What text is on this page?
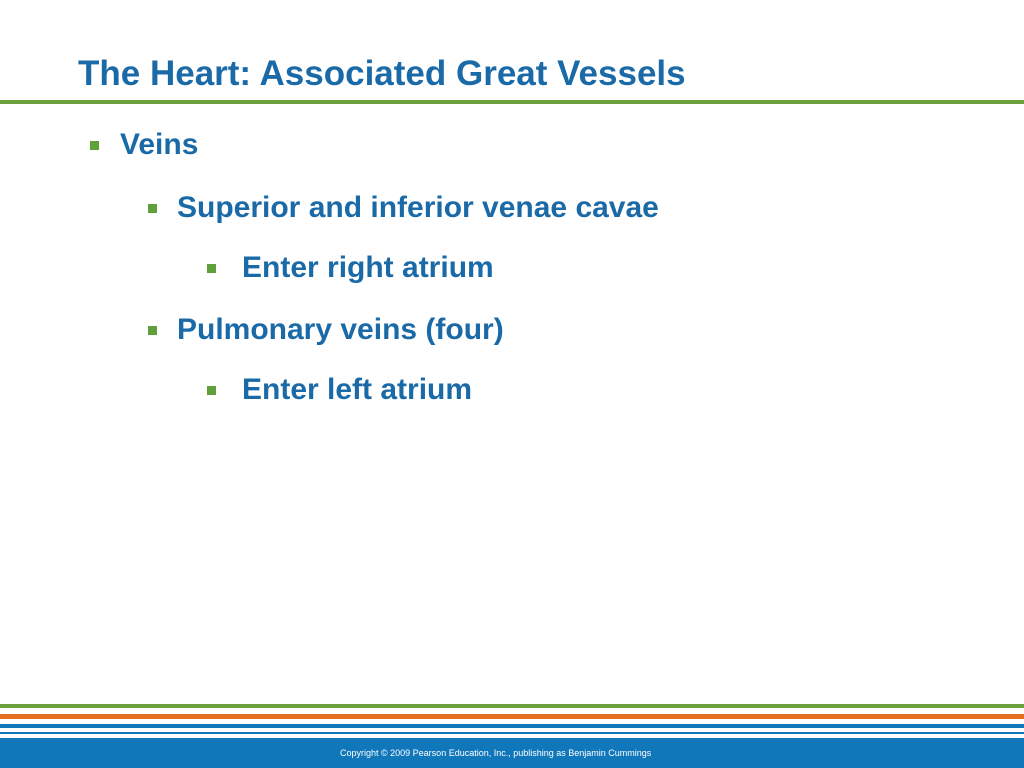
The Heart: Associated Great Vessels
Veins
Superior and inferior venae cavae
Enter right atrium
Pulmonary veins (four)
Enter left atrium
Copyright © 2009 Pearson Education, Inc., publishing as Benjamin Cummings
